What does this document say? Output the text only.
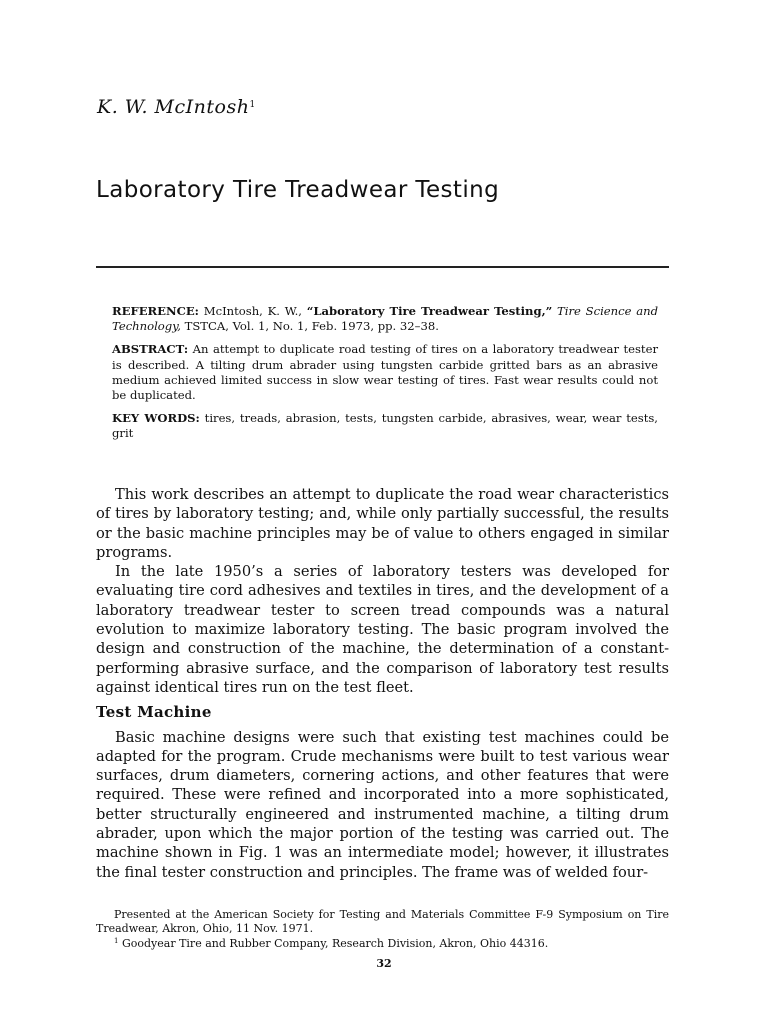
K. W. McIntosh$^1$
Laboratory Tire Treadwear Testing

REFERENCE: McIntosh, K. W., “Laboratory Tire Treadwear Testing,” Tire Science and Technology, TSTCA, Vol. 1, No. 1, Feb. 1973, pp. 32–38.

ABSTRACT: An attempt to duplicate road testing of tires on a laboratory treadwear tester is described. A tilting drum abrader using tungsten carbide gritted bars as an abrasive medium achieved limited success in slow wear testing of tires. Fast wear results could not be duplicated.

KEY WORDS: tires, treads, abrasion, tests, tungsten carbide, abrasives, wear, wear tests, grit

This work describes an attempt to duplicate the road wear characteristics of tires by laboratory testing; and, while only partially successful, the results or the basic machine principles may be of value to others engaged in similar programs.

In the late 1950’s a series of laboratory testers was developed for evaluating tire cord adhesives and textiles in tires, and the development of a laboratory treadwear tester to screen tread compounds was a natural evolution to maximize laboratory testing. The basic program involved the design and construction of the machine, the determination of a constant-performing abrasive surface, and the comparison of laboratory test results against identical tires run on the test fleet.

Test Machine

Basic machine designs were such that existing test machines could be adapted for the program. Crude mechanisms were built to test various wear surfaces, drum diameters, cornering actions, and other features that were required. These were refined and incorporated into a more sophisticated, better structurally engineered and instrumented machine, a tilting drum abrader, upon which the major portion of the testing was carried out. The machine shown in Fig. 1 was an intermediate model; however, it illustrates the final tester construction and principles. The frame was of welded four-

Presented at the American Society for Testing and Materials Committee F-9 Symposium on Tire Treadwear, Akron, Ohio, 11 Nov. 1971.

$^1$ Goodyear Tire and Rubber Company, Research Division, Akron, Ohio 44316.

32
